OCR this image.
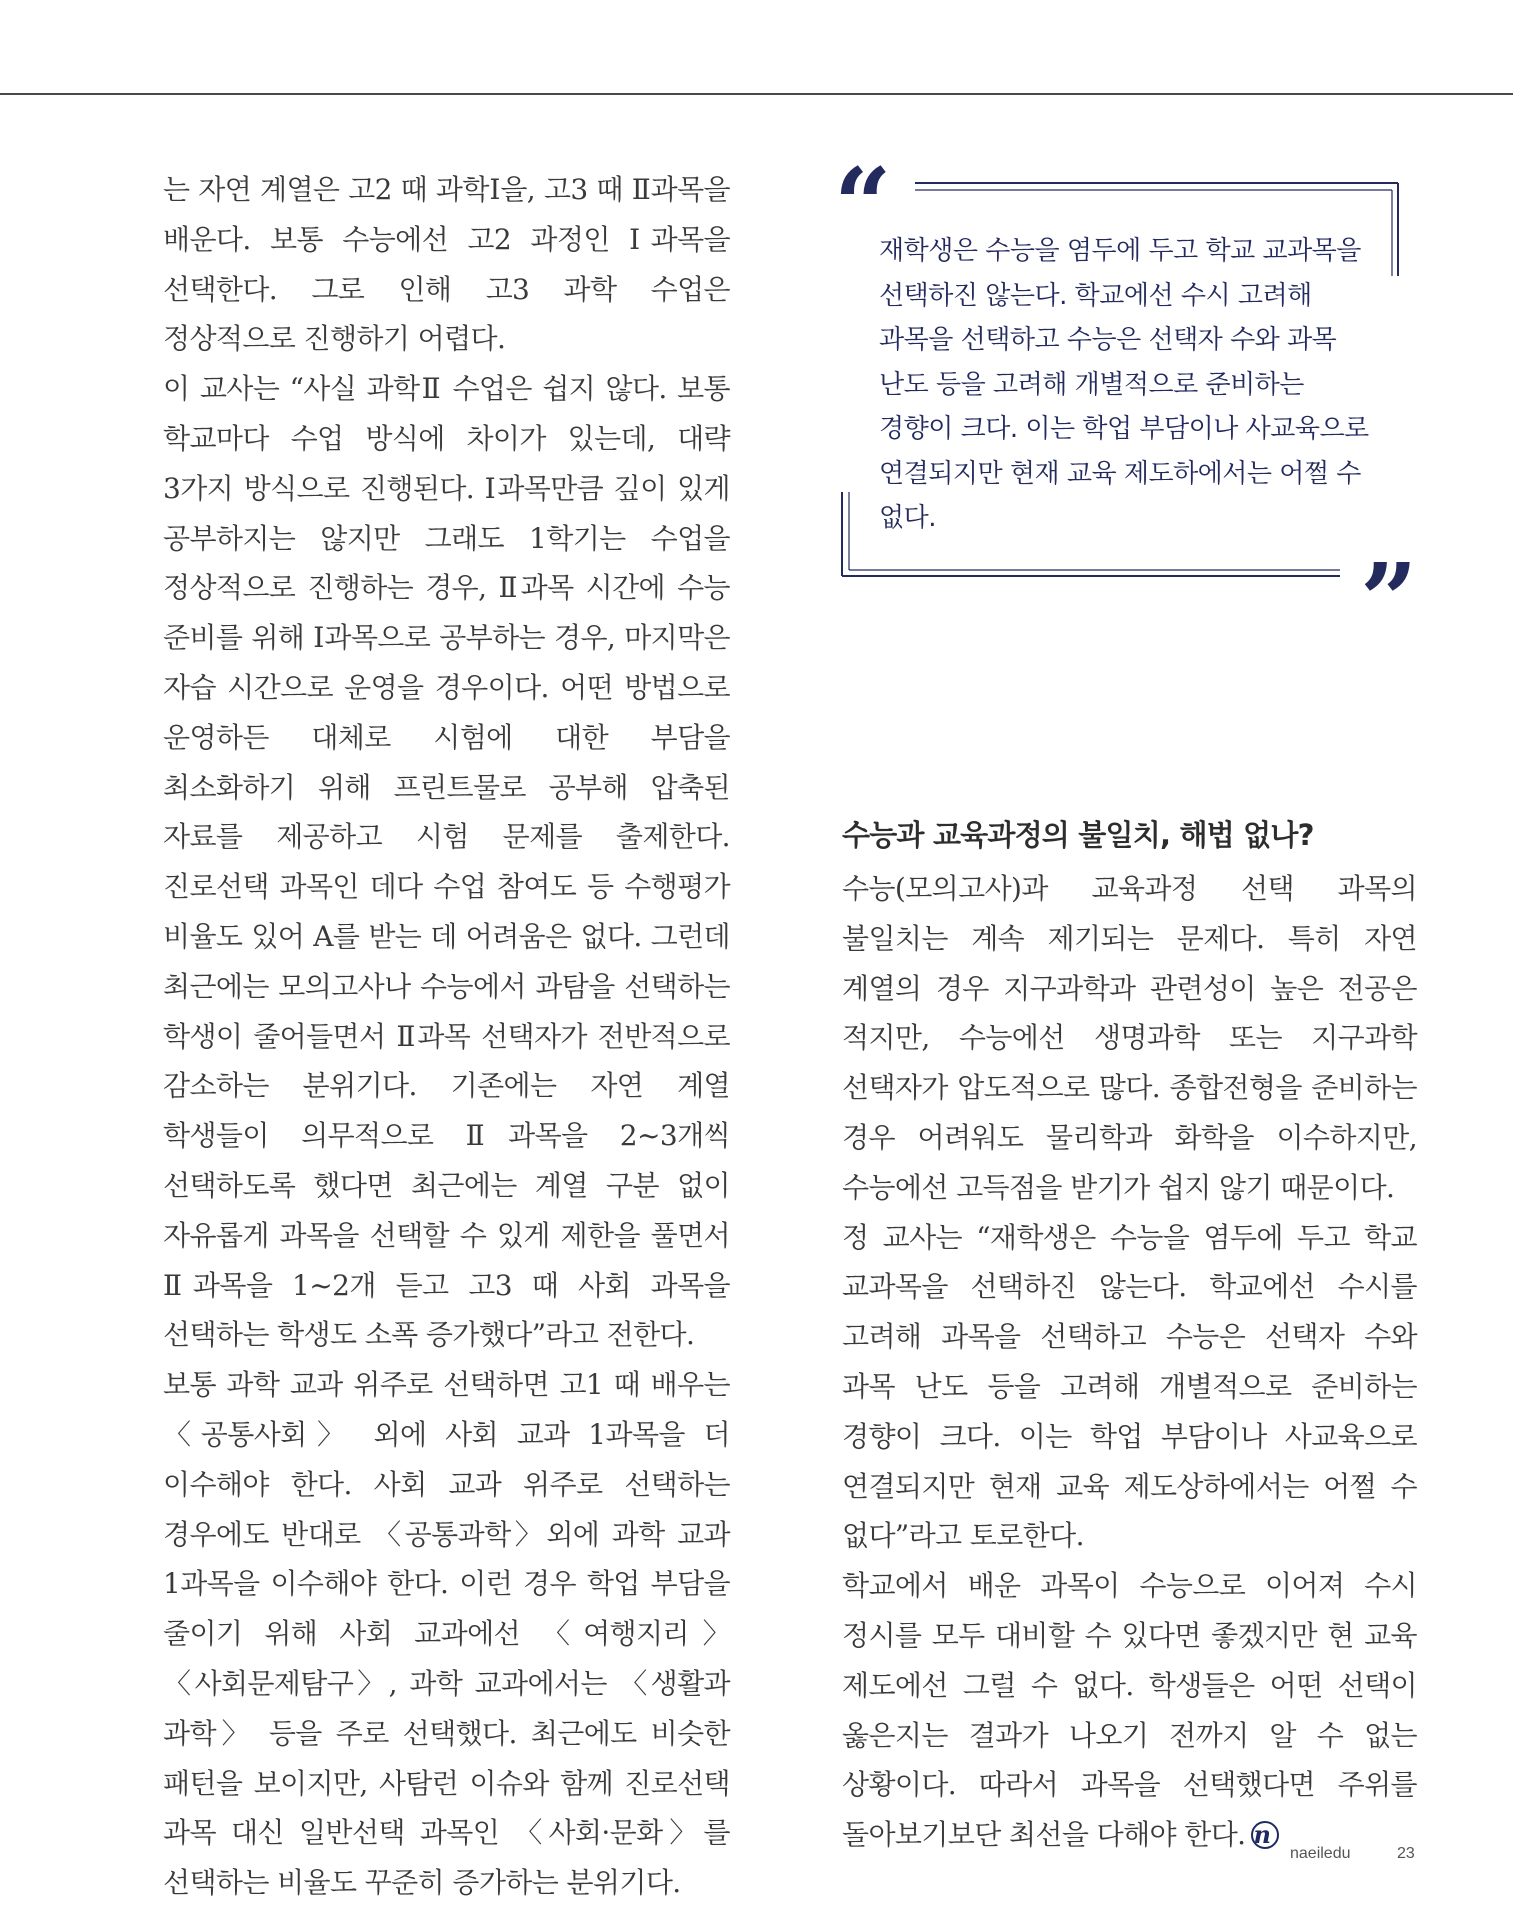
는 자연 계열은 고2 때 과학Ⅰ을, 고3 때 Ⅱ과목을 배운다. 보통 수능에선 고2 과정인 Ⅰ과목을 선택한다. 그로 인해 고3 과학 수업은 정상적으로 진행하기 어렵다.

이 교사는 “사실 과학Ⅱ 수업은 쉽지 않다. 보통 학교마다 수업 방식에 차이가 있는데, 대략 3가지 방식으로 진행된다. Ⅰ과목만큼 깊이 있게 공부하지는 않지만 그래도 1학기는 수업을 정상적으로 진행하는 경우, Ⅱ과목 시간에 수능 준비를 위해 Ⅰ과목으로 공부하는 경우, 마지막은 자습 시간으로 운영을 경우이다. 어떤 방법으로 운영하든 대체로 시험에 대한 부담을 최소화하기 위해 프린트물로 공부해 압축된 자료를 제공하고 시험 문제를 출제한다. 진로선택 과목인 데다 수업 참여도 등 수행평가 비율도 있어 A를 받는 데 어려움은 없다. 그런데 최근에는 모의고사나 수능에서 과탐을 선택하는 학생이 줄어들면서 Ⅱ과목 선택자가 전반적으로 감소하는 분위기다. 기존에는 자연 계열 학생들이 의무적으로 Ⅱ과목을 2~3개씩 선택하도록 했다면 최근에는 계열 구분 없이 자유롭게 과목을 선택할 수 있게 제한을 풀면서 Ⅱ과목을 1~2개 듣고 고3 때 사회 과목을 선택하는 학생도 소폭 증가했다”라고 전한다.

보통 과학 교과 위주로 선택하면 고1 때 배우는 〈공통사회〉 외에 사회 교과 1과목을 더 이수해야 한다. 사회 교과 위주로 선택하는 경우에도 반대로 〈공통과학〉외에 과학 교과 1과목을 이수해야 한다. 이런 경우 학업 부담을 줄이기 위해 사회 교과에선 〈여행지리〉 〈사회문제탐구〉, 과학 교과에서는 〈생활과 과학〉 등을 주로 선택했다. 최근에도 비슷한 패턴을 보이지만, 사탐런 이슈와 함께 진로선택 과목 대신 일반선택 과목인 〈사회·문화〉를 선택하는 비율도 꾸준히 증가하는 분위기다.

“
”

재학생은 수능을 염두에 두고 학교 교과목을 선택하진 않는다. 학교에선 수시 고려해 과목을 선택하고 수능은 선택자 수와 과목 난도 등을 고려해 개별적으로 준비하는 경향이 크다. 이는 학업 부담이나 사교육으로 연결되지만 현재 교육 제도하에서는 어쩔 수 없다.

수능과 교육과정의 불일치, 해법 없나?

수능(모의고사)과 교육과정 선택 과목의 불일치는 계속 제기되는 문제다. 특히 자연 계열의 경우 지구과학과 관련성이 높은 전공은 적지만, 수능에선 생명과학 또는 지구과학 선택자가 압도적으로 많다. 종합전형을 준비하는 경우 어려워도 물리학과 화학을 이수하지만, 수능에선 고득점을 받기가 쉽지 않기 때문이다.

정 교사는 “재학생은 수능을 염두에 두고 학교 교과목을 선택하진 않는다. 학교에선 수시를 고려해 과목을 선택하고 수능은 선택자 수와 과목 난도 등을 고려해 개별적으로 준비하는 경향이 크다. 이는 학업 부담이나 사교육으로 연결되지만 현재 교육 제도상하에서는 어쩔 수 없다”라고 토로한다.

학교에서 배운 과목이 수능으로 이어져 수시 정시를 모두 대비할 수 있다면 좋겠지만 현 교육 제도에선 그럴 수 없다. 학생들은 어떤 선택이 옳은지는 결과가 나오기 전까지 알 수 없는 상황이다. 따라서 과목을 선택했다면 주위를 돌아보기보단 최선을 다해야 한다. n

naeiledu	23
